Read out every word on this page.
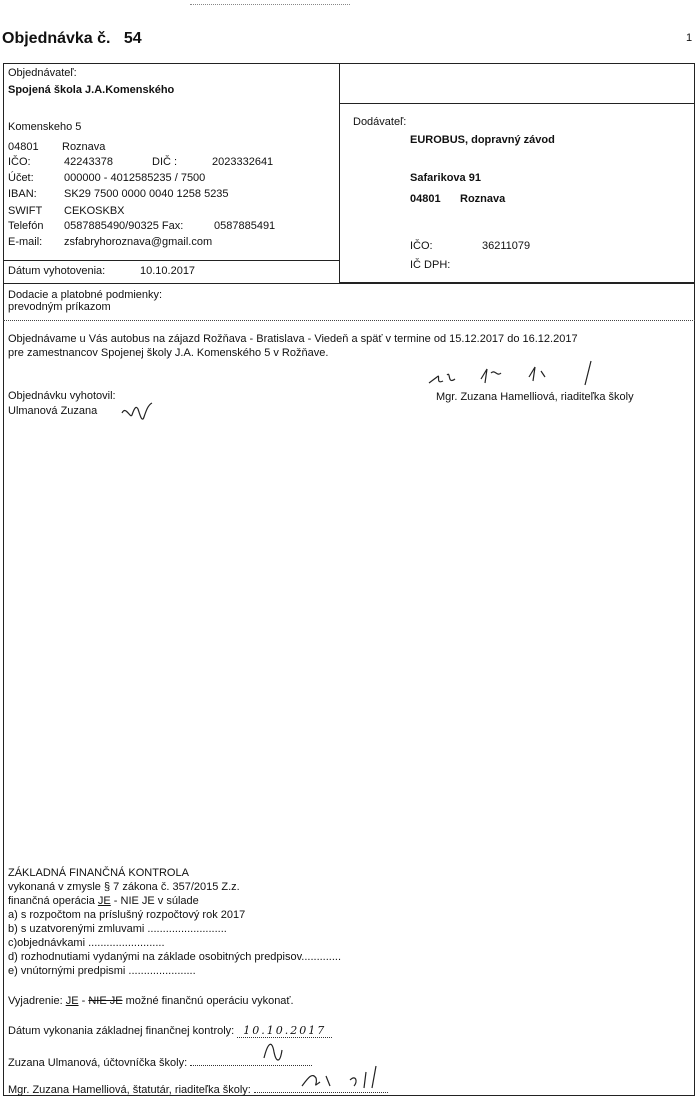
Objednávka č. 54	1
Objednávateľ:
Spojená škola J.A.Komenského
Komenskeho 5
04801 Roznava
IČO:	42243378	DIČ :	2023332641
Účet:	000000 - 4012585235 / 7500
IBAN: SK29 7500 0000 0040 1258 5235
SWIFT CEKOSKBX
Telefón 0587885490/90325 Fax:	0587885491
E-mail: zsfabryhoroznava@gmail.com
Dátum vyhotovenia:	10.10.2017
Dodacie a platobné podmienky:
prevodným príkazom
Dodávateľ:
EUROBUS, dopravný závod
Safarikova 91
04801 Roznava
IČO:	36211079
IČ DPH:
Objednávame u Vás autobus na zájazd Rožňava - Bratislava - Viedeň a späť v termine od 15.12.2017 do 16.12.2017
pre zamestnancov Spojenej školy J.A. Komenského 5 v Rožňave.
Objednávku vyhotovil:
Ulmanová Zuzana
Mgr. Zuzana Hamelliová, riaditeľka školy
ZÁKLADNÁ FINANČNÁ KONTROLA
vykonaná v zmysle § 7 zákona č. 357/2015 Z.z.
finančná operácia JE - NIE JE v súlade
a) s rozpočtom na príslušný rozpočtový rok 2017
b) s uzatvorenými zmluvami ..........................
c)objednávkami .........................
d) rozhodnutiami vydanými na základe osobitných predpisov.............
e) vnútornými predpismi ......................
Vyjadrenie: JE - NIE JE možné finančnú operáciu vykonať.
Dátum vykonania základnej finančnej kontroly: 10.10.2017
Zuzana Ulmanová, účtovníčka školy:
Mgr. Zuzana Hamelliová, štatutár, riaditeľka školy:
